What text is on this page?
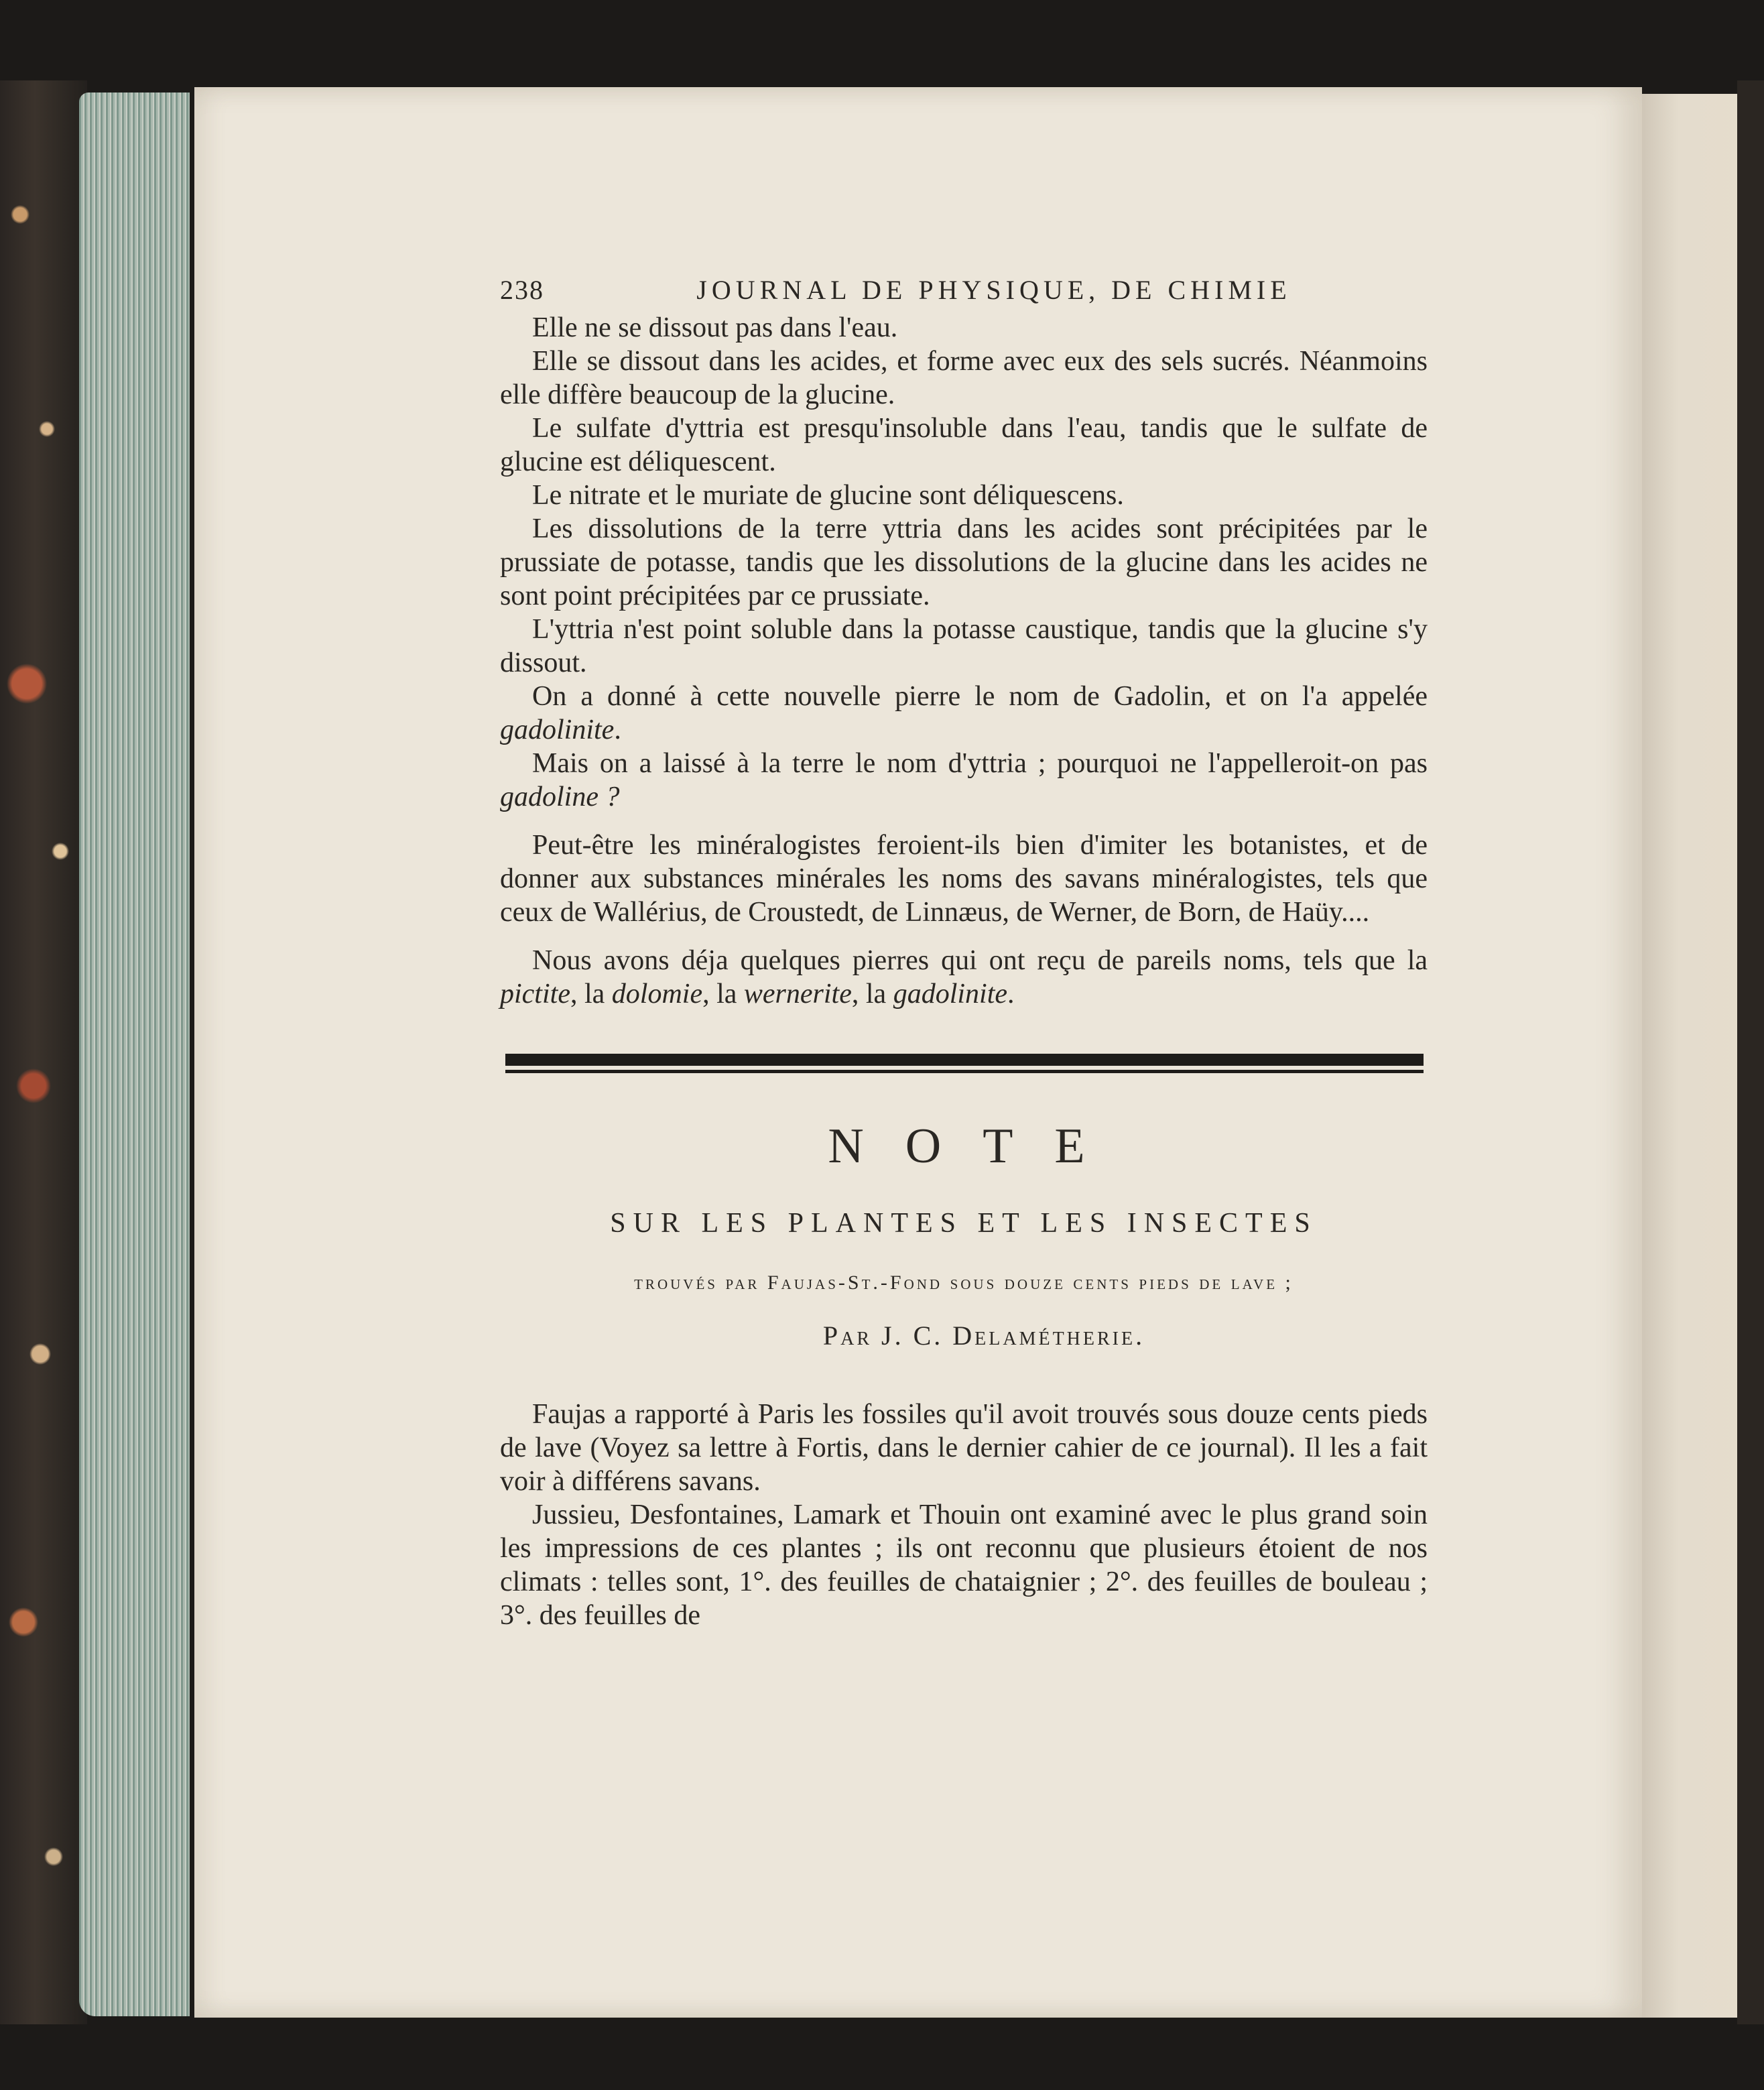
238	JOURNAL DE PHYSIQUE, DE CHIMIE

Elle ne se dissout pas dans l'eau.

Elle se dissout dans les acides, et forme avec eux des sels sucrés. Néanmoins elle diffère beaucoup de la glucine.

Le sulfate d'yttria est presqu'insoluble dans l'eau, tandis que le sulfate de glucine est déliquescent.

Le nitrate et le muriate de glucine sont déliquescens.

Les dissolutions de la terre yttria dans les acides sont précipitées par le prussiate de potasse, tandis que les dissolutions de la glucine dans les acides ne sont point précipitées par ce prussiate.

L'yttria n'est point soluble dans la potasse caustique, tandis que la glucine s'y dissout.

On a donné à cette nouvelle pierre le nom de Gadolin, et on l'a appelée gadolinite.

Mais on a laissé à la terre le nom d'yttria ; pourquoi ne l'appelleroit-on pas gadoline ?

Peut-être les minéralogistes feroient-ils bien d'imiter les botanistes, et de donner aux substances minérales les noms des savans minéralogistes, tels que ceux de Wallérius, de Croustedt, de Linnæus, de Werner, de Born, de Haüy....

Nous avons déja quelques pierres qui ont reçu de pareils noms, tels que la pictite, la dolomie, la wernerite, la gadolinite.

NOTE
SUR LES PLANTES ET LES INSECTES
trouvés par Faujas-St.-Fond sous douze cents pieds de lave ;
Par J. C. Delamétherie.

Faujas a rapporté à Paris les fossiles qu'il avoit trouvés sous douze cents pieds de lave (Voyez sa lettre à Fortis, dans le dernier cahier de ce journal). Il les a fait voir à différens savans.

Jussieu, Desfontaines, Lamark et Thouin ont examiné avec le plus grand soin les impressions de ces plantes ; ils ont reconnu que plusieurs étoient de nos climats : telles sont, 1°. des feuilles de chataignier ; 2°. des feuilles de bouleau ; 3°. des feuilles de
